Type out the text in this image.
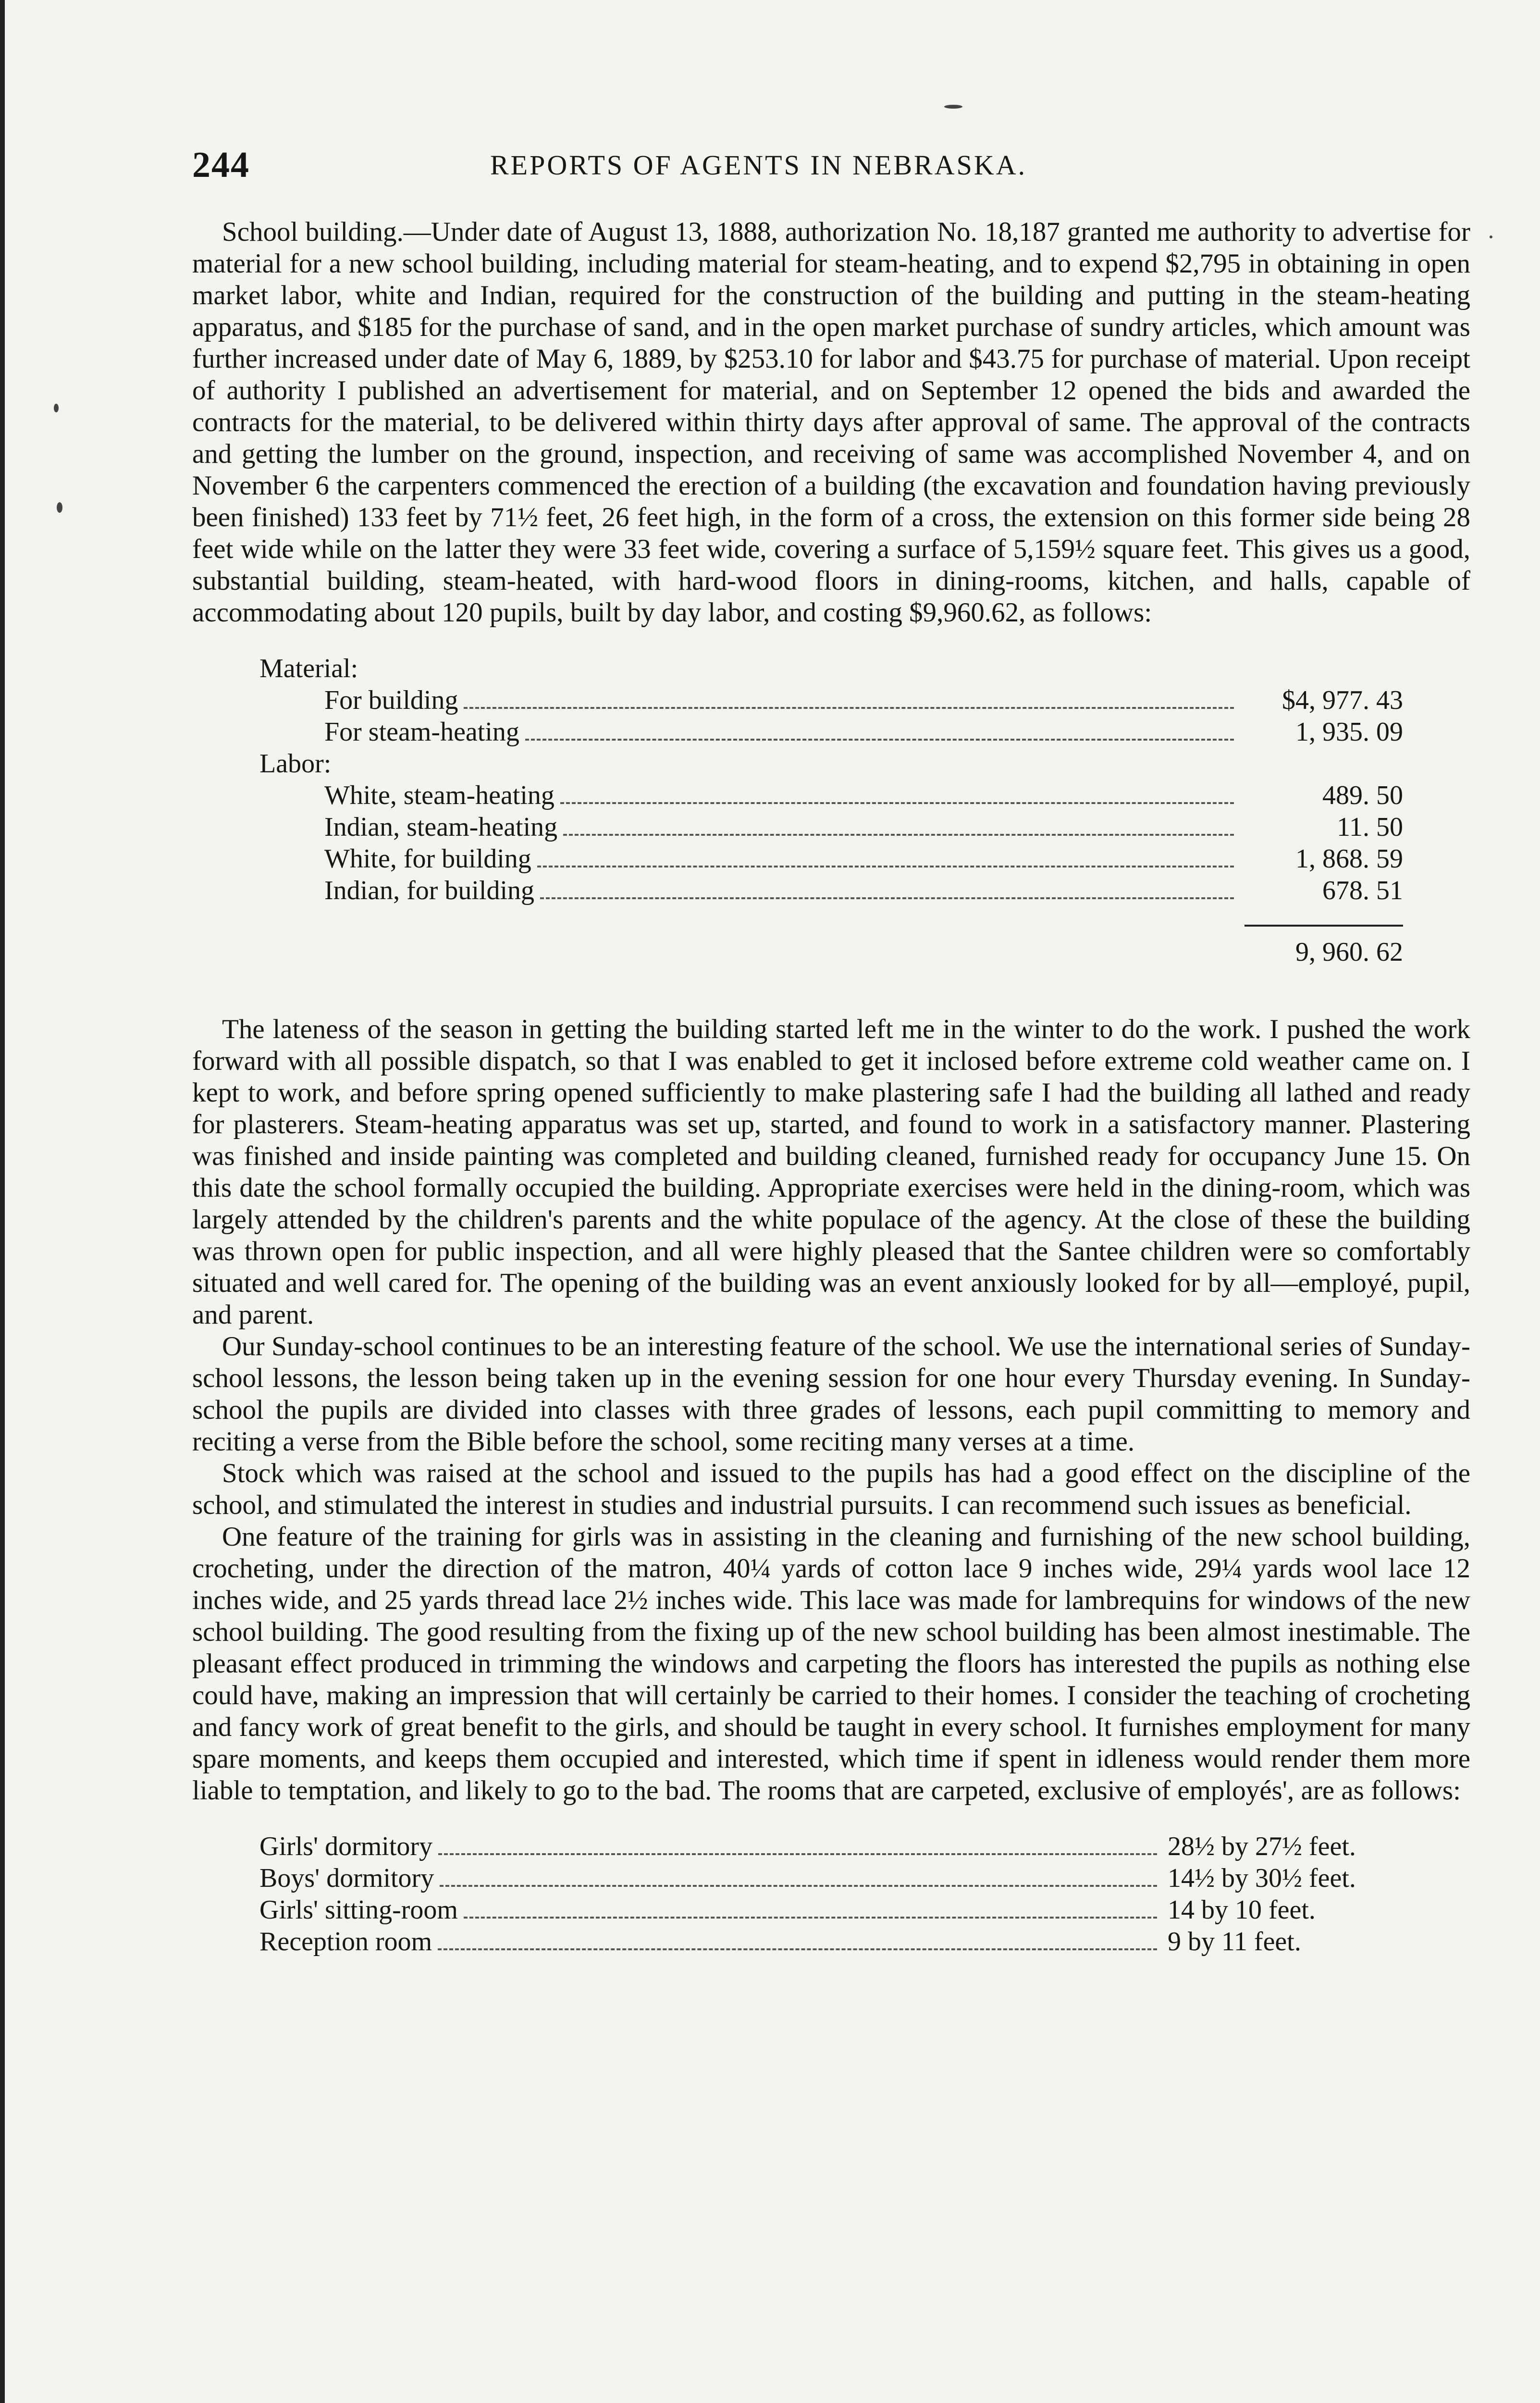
244	REPORTS OF AGENTS IN NEBRASKA.

School building.—Under date of August 13, 1888, authorization No. 18,187 granted me authority to advertise for material for a new school building, including material for steam-heating, and to expend $2,795 in obtaining in open market labor, white and Indian, required for the construction of the building and putting in the steam-heating apparatus, and $185 for the purchase of sand, and in the open market purchase of sundry articles, which amount was further increased under date of May 6, 1889, by $253.10 for labor and $43.75 for purchase of material. Upon receipt of authority I published an advertisement for material, and on September 12 opened the bids and awarded the contracts for the material, to be delivered within thirty days after approval of same. The approval of the contracts and getting the lumber on the ground, inspection, and receiving of same was accomplished November 4, and on November 6 the carpenters commenced the erection of a building (the excavation and foundation having previously been finished) 133 feet by 71½ feet, 26 feet high, in the form of a cross, the extension on this former side being 28 feet wide while on the latter they were 33 feet wide, covering a surface of 5,159½ square feet. This gives us a good, substantial building, steam-heated, with hard-wood floors in dining-rooms, kitchen, and halls, capable of accommodating about 120 pupils, built by day labor, and costing $9,960.62, as follows:

Material:
For building	$4, 977. 43
For steam-heating	1, 935. 09
Labor:
White, steam-heating	489. 50
Indian, steam-heating	11. 50
White, for building	1, 868. 59
Indian, for building	678. 51
9, 960. 62

The lateness of the season in getting the building started left me in the winter to do the work. I pushed the work forward with all possible dispatch, so that I was enabled to get it inclosed before extreme cold weather came on. I kept to work, and before spring opened sufficiently to make plastering safe I had the building all lathed and ready for plasterers. Steam-heating apparatus was set up, started, and found to work in a satisfactory manner. Plastering was finished and inside painting was completed and building cleaned, furnished ready for occupancy June 15. On this date the school formally occupied the building. Appropriate exercises were held in the dining-room, which was largely attended by the children's parents and the white populace of the agency. At the close of these the building was thrown open for public inspection, and all were highly pleased that the Santee children were so comfortably situated and well cared for. The opening of the building was an event anxiously looked for by all—employé, pupil, and parent.

Our Sunday-school continues to be an interesting feature of the school. We use the international series of Sunday-school lessons, the lesson being taken up in the evening session for one hour every Thursday evening. In Sunday-school the pupils are divided into classes with three grades of lessons, each pupil committing to memory and reciting a verse from the Bible before the school, some reciting many verses at a time.

Stock which was raised at the school and issued to the pupils has had a good effect on the discipline of the school, and stimulated the interest in studies and industrial pursuits. I can recommend such issues as beneficial.

One feature of the training for girls was in assisting in the cleaning and furnishing of the new school building, crocheting, under the direction of the matron, 40¼ yards of cotton lace 9 inches wide, 29¼ yards wool lace 12 inches wide, and 25 yards thread lace 2½ inches wide. This lace was made for lambrequins for windows of the new school building. The good resulting from the fixing up of the new school building has been almost inestimable. The pleasant effect produced in trimming the windows and carpeting the floors has interested the pupils as nothing else could have, making an impression that will certainly be carried to their homes. I consider the teaching of crocheting and fancy work of great benefit to the girls, and should be taught in every school. It furnishes employment for many spare moments, and keeps them occupied and interested, which time if spent in idleness would render them more liable to temptation, and likely to go to the bad. The rooms that are carpeted, exclusive of employés', are as follows:

Girls' dormitory	28½ by 27½ feet.
Boys' dormitory	14½ by 30½ feet.
Girls' sitting-room	14 by 10 feet.
Reception room	9 by 11 feet.
